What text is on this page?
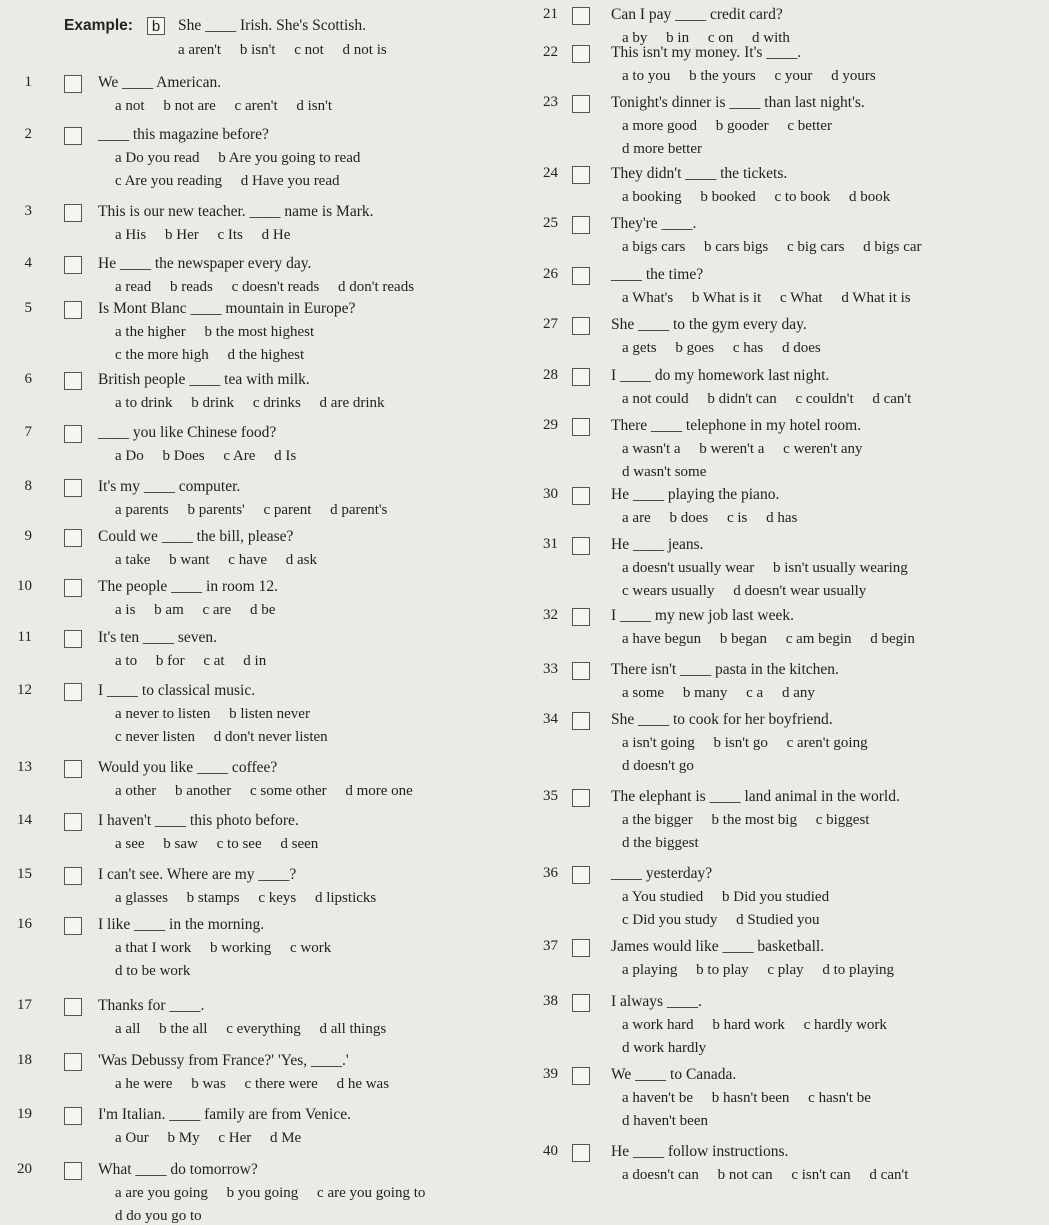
Example:	b	She ____ Irish. She's Scottish.
a aren't     b isn't     c not     d not is
1	We ____ American.
a not     b not are     c aren't     d isn't
2	____ this magazine before?
a Do you read     b Are you going to read
c Are you reading     d Have you read
3	This is our new teacher. ____ name is Mark.
a His     b Her     c Its     d He
4	He ____ the newspaper every day.
a read     b reads     c doesn't reads     d don't reads
5	Is Mont Blanc ____ mountain in Europe?
a the higher     b the most highest
c the more high     d the highest
6	British people ____ tea with milk.
a to drink     b drink     c drinks     d are drink
7	____ you like Chinese food?
a Do     b Does     c Are     d Is
8	It's my ____ computer.
a parents     b parents'     c parent     d parent's
9	Could we ____ the bill, please?
a take     b want     c have     d ask
10	The people ____ in room 12.
a is     b am     c are     d be
11	It's ten ____ seven.
a to     b for     c at     d in
12	I ____ to classical music.
a never to listen     b listen never
c never listen     d don't never listen
13	Would you like ____ coffee?
a other     b another     c some other     d more one
14	I haven't ____ this photo before.
a see     b saw     c to see     d seen
15	I can't see. Where are my ____?
a glasses     b stamps     c keys     d lipsticks
16	I like ____ in the morning.
a that I work     b working     c work
d to be work
17	Thanks for ____.
a all     b the all     c everything     d all things
18	'Was Debussy from France?' 'Yes, ____.'
a he were     b was     c there were     d he was
19	I'm Italian. ____ family are from Venice.
a Our     b My     c Her     d Me
20	What ____ do tomorrow?
a are you going     b you going     c are you going to
d do you go to
21	Can I pay ____ credit card?
a by     b in     c on     d with
22	This isn't my money. It's ____.
a to you     b the yours     c your     d yours
23	Tonight's dinner is ____ than last night's.
a more good     b gooder     c better
d more better
24	They didn't ____ the tickets.
a booking     b booked     c to book     d book
25	They're ____.
a bigs cars     b cars bigs     c big cars     d bigs car
26	____ the time?
a What's     b What is it     c What     d What it is
27	She ____ to the gym every day.
a gets     b goes     c has     d does
28	I ____ do my homework last night.
a not could     b didn't can     c couldn't     d can't
29	There ____ telephone in my hotel room.
a wasn't a     b weren't a     c weren't any
d wasn't some
30	He ____ playing the piano.
a are     b does     c is     d has
31	He ____ jeans.
a doesn't usually wear     b isn't usually wearing
c wears usually     d doesn't wear usually
32	I ____ my new job last week.
a have begun     b began     c am begin     d begin
33	There isn't ____ pasta in the kitchen.
a some     b many     c a     d any
34	She ____ to cook for her boyfriend.
a isn't going     b isn't go     c aren't going
d doesn't go
35	The elephant is ____ land animal in the world.
a the bigger     b the most big     c biggest
d the biggest
36	____ yesterday?
a You studied     b Did you studied
c Did you study     d Studied you
37	James would like ____ basketball.
a playing     b to play     c play     d to playing
38	I always ____.
a work hard     b hard work     c hardly work
d work hardly
39	We ____ to Canada.
a haven't be     b hasn't been     c hasn't be
d haven't been
40	He ____ follow instructions.
a doesn't can     b not can     c isn't can     d can't
